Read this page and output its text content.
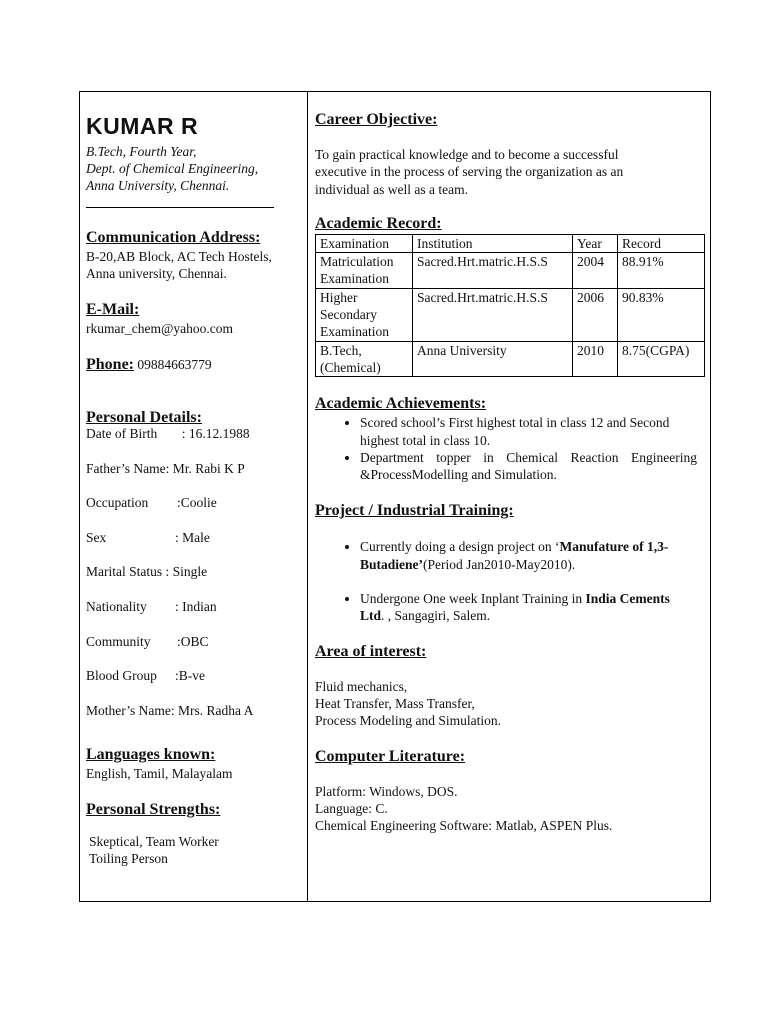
KUMAR R
B.Tech, Fourth Year,
Dept. of Chemical Engineering,
Anna University, Chennai.
Communication Address:
B-20,AB Block, AC Tech Hostels,
Anna university, Chennai.
E-Mail:
rkumar_chem@yahoo.com
Phone: 09884663779
Personal Details:
Date of Birth	: 16.12.1988
Father’s Name: Mr. Rabi K P
Occupation	:Coolie
Sex	: Male
Marital Status : Single
Nationality	: Indian
Community	:OBC
Blood Group	:B-ve
Mother’s Name: Mrs. Radha A
Languages known:
English, Tamil, Malayalam
Personal Strengths:
Skeptical, Team Worker
Toiling Person
Career Objective:
To gain practical knowledge and to become a successful executive in the process of serving the organization as an individual as well as a team.
Academic Record:
Examination	Institution	Year	Record
Matriculation Examination	Sacred.Hrt.matric.H.S.S	2004	88.91%
Higher Secondary Examination	Sacred.Hrt.matric.H.S.S	2006	90.83%
B.Tech, (Chemical)	Anna University	2010	8.75(CGPA)
Academic Achievements:
• Scored school’s First highest total in class 12 and Second highest total in class 10.
• Department topper in Chemical Reaction Engineering &ProcessModelling and Simulation.
Project / Industrial Training:
• Currently doing a design project on ‘Manufature of 1,3-Butadiene’(Period Jan2010-May2010).
• Undergone One week Inplant Training in India Cements Ltd. , Sangagiri, Salem.
Area of interest:
Fluid mechanics,
Heat Transfer, Mass Transfer,
Process Modeling and Simulation.
Computer Literature:
Platform: Windows, DOS.
Language: C.
Chemical Engineering Software: Matlab, ASPEN Plus.
